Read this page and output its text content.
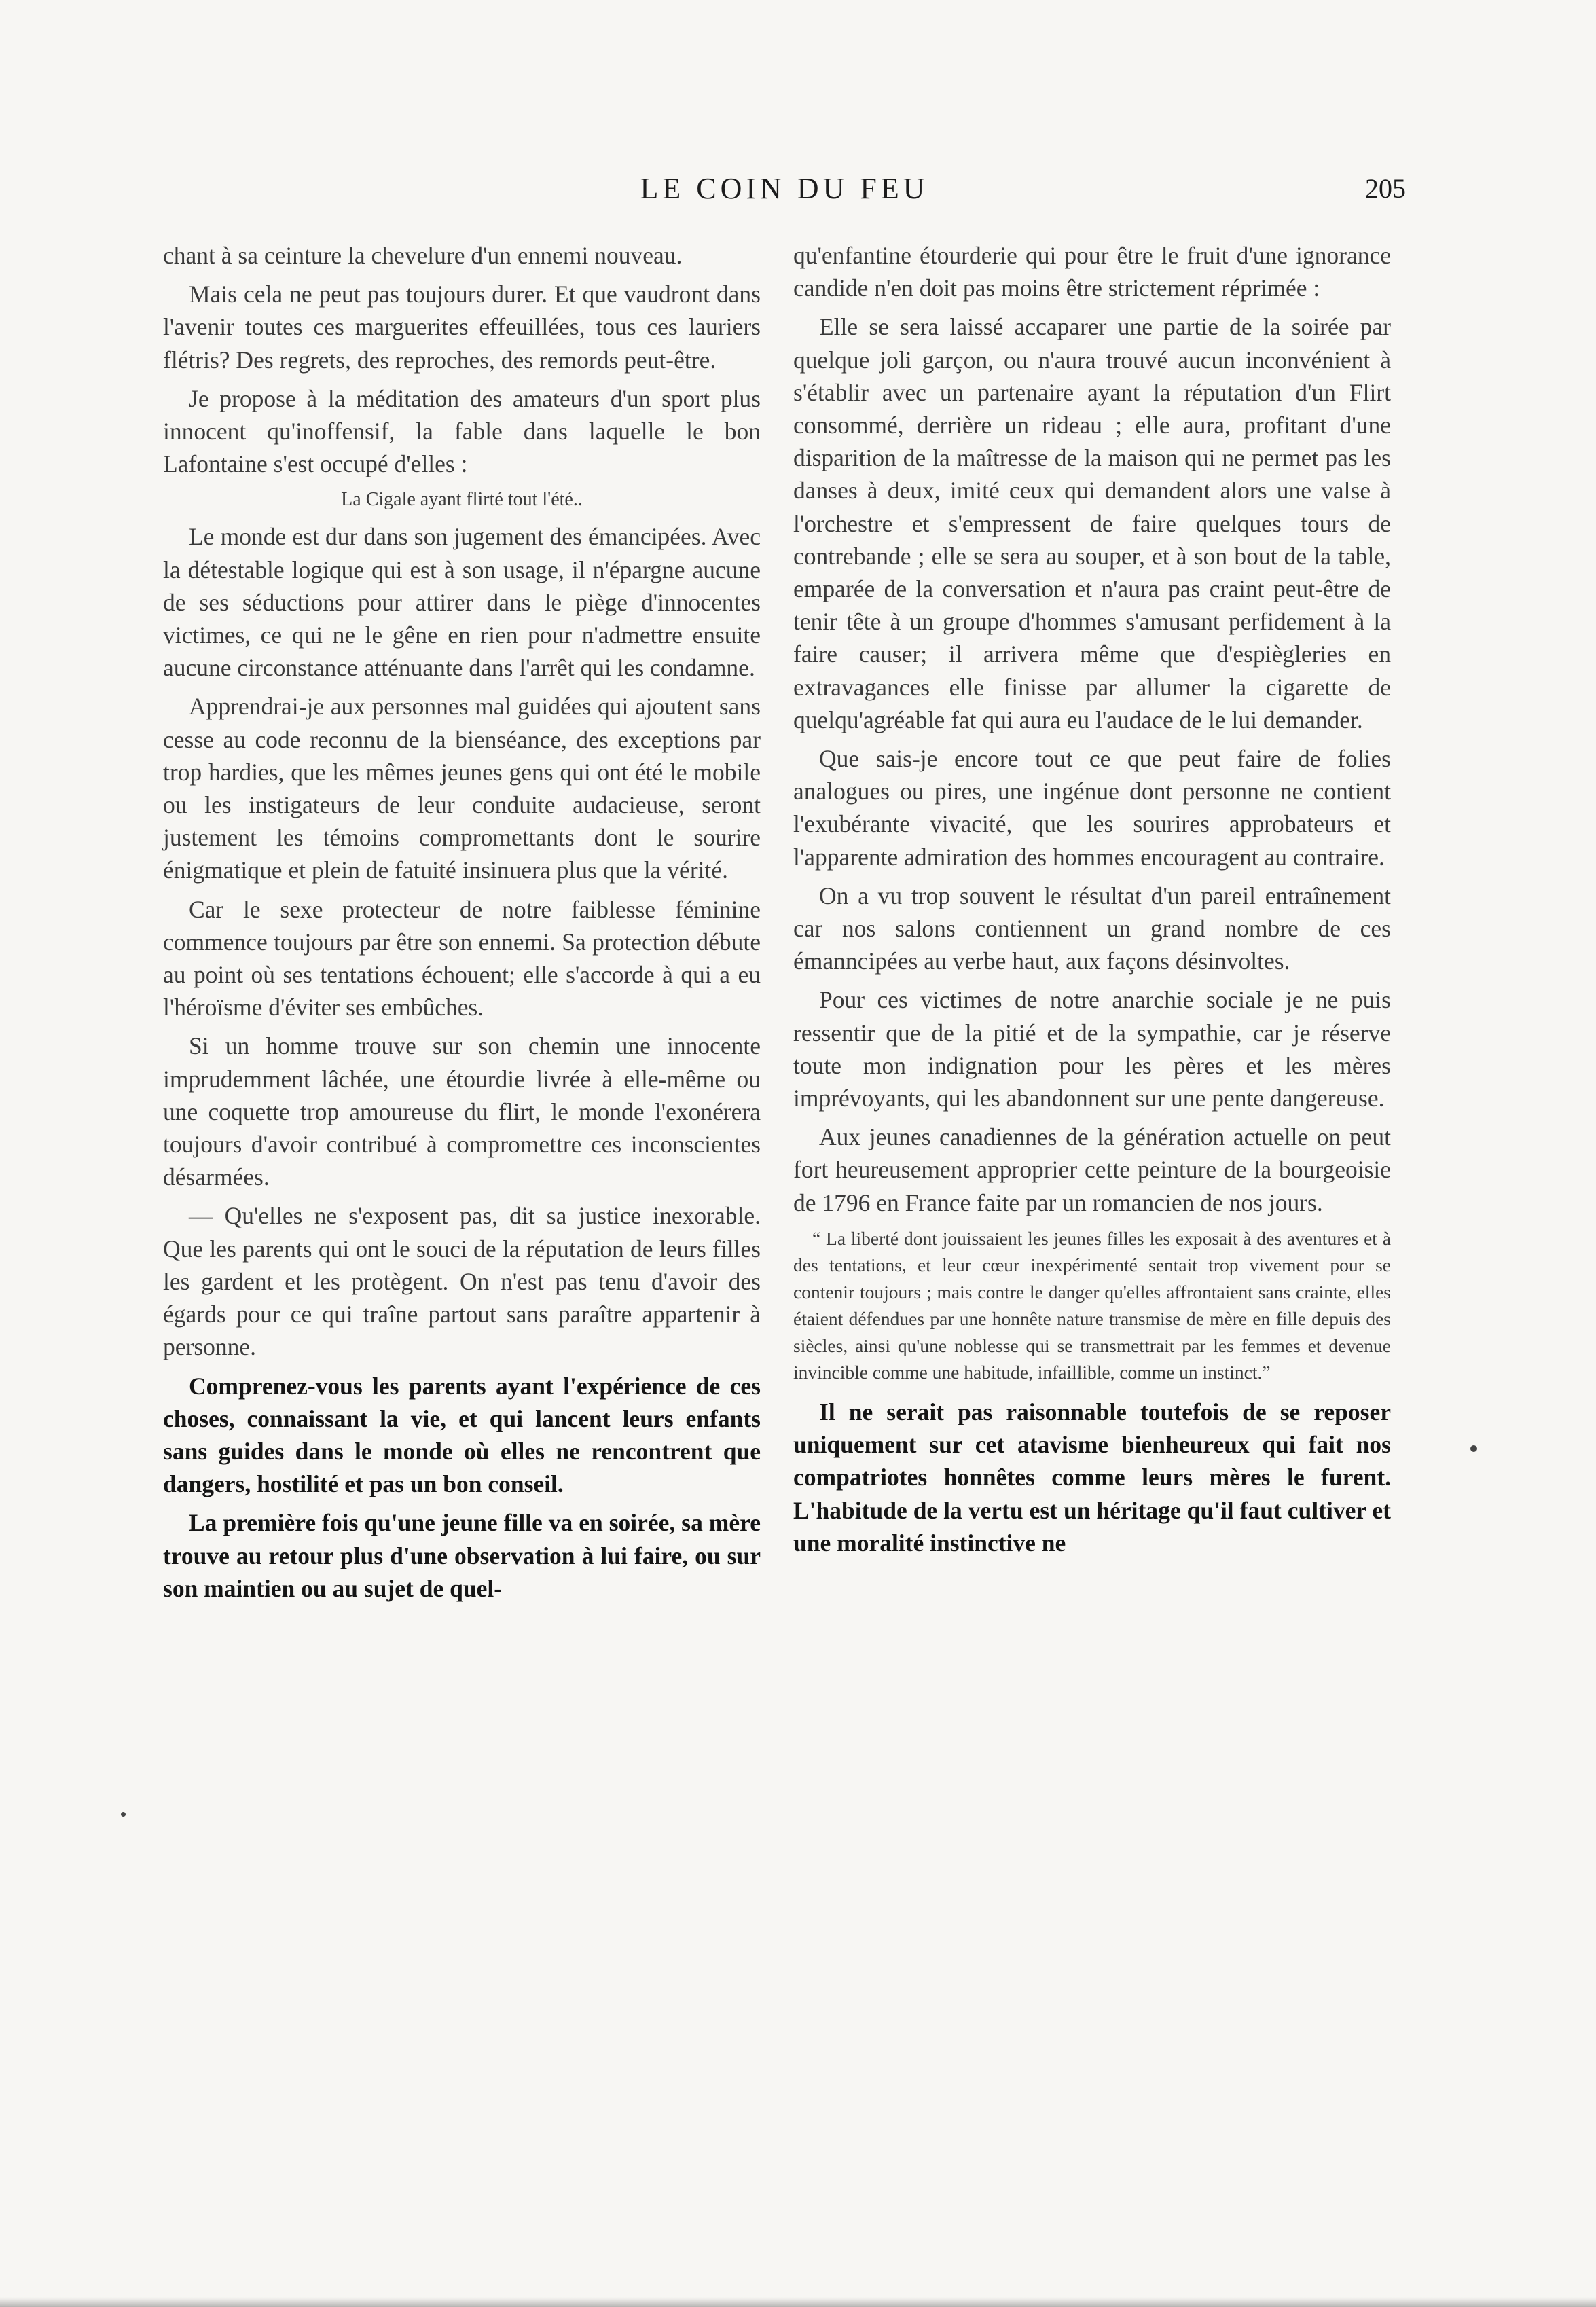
LE COIN DU FEU	205

chant à sa ceinture la chevelure d'un ennemi nouveau.

Mais cela ne peut pas toujours durer. Et que vaudront dans l'avenir toutes ces marguerites effeuillées, tous ces lauriers flétris? Des regrets, des reproches, des remords peut-être.

Je propose à la méditation des amateurs d'un sport plus innocent qu'inoffensif, la fable dans laquelle le bon Lafontaine s'est occupé d'elles :

La Cigale ayant flirté tout l'été..

Le monde est dur dans son jugement des émancipées. Avec la détestable logique qui est à son usage, il n'épargne aucune de ses séductions pour attirer dans le piège d'innocentes victimes, ce qui ne le gêne en rien pour n'admettre ensuite aucune circonstance atténuante dans l'arrêt qui les condamne.

Apprendrai-je aux personnes mal guidées qui ajoutent sans cesse au code reconnu de la bienséance, des exceptions par trop hardies, que les mêmes jeunes gens qui ont été le mobile ou les instigateurs de leur conduite audacieuse, seront justement les témoins compromettants dont le sourire énigmatique et plein de fatuité insinuera plus que la vérité.

Car le sexe protecteur de notre faiblesse féminine commence toujours par être son ennemi. Sa protection débute au point où ses tentations échouent; elle s'accorde à qui a eu l'héroïsme d'éviter ses embûches.

Si un homme trouve sur son chemin une innocente imprudemment lâchée, une étourdie livrée à elle-même ou une coquette trop amoureuse du flirt, le monde l'exonérera toujours d'avoir contribué à compromettre ces inconscientes désarmées.

— Qu'elles ne s'exposent pas, dit sa justice inexorable. Que les parents qui ont le souci de la réputation de leurs filles les gardent et les protègent. On n'est pas tenu d'avoir des égards pour ce qui traîne partout sans paraître appartenir à personne.

Comprenez-vous les parents ayant l'expérience de ces choses, connaissant la vie, et qui lancent leurs enfants sans guides dans le monde où elles ne rencontrent que dangers, hostilité et pas un bon conseil.

La première fois qu'une jeune fille va en soirée, sa mère trouve au retour plus d'une observation à lui faire, ou sur son maintien ou au sujet de quel-

qu'enfantine étourderie qui pour être le fruit d'une ignorance candide n'en doit pas moins être strictement réprimée :

Elle se sera laissé accaparer une partie de la soirée par quelque joli garçon, ou n'aura trouvé aucun inconvénient à s'établir avec un partenaire ayant la réputation d'un Flirt consommé, derrière un rideau ; elle aura, profitant d'une disparition de la maîtresse de la maison qui ne permet pas les danses à deux, imité ceux qui demandent alors une valse à l'orchestre et s'empressent de faire quelques tours de contrebande ; elle se sera au souper, et à son bout de la table, emparée de la conversation et n'aura pas craint peut-être de tenir tête à un groupe d'hommes s'amusant perfidement à la faire causer; il arrivera même que d'espiègleries en extravagances elle finisse par allumer la cigarette de quelqu'agréable fat qui aura eu l'audace de le lui demander.

Que sais-je encore tout ce que peut faire de folies analogues ou pires, une ingénue dont personne ne contient l'exubérante vivacité, que les sourires approbateurs et l'apparente admiration des hommes encouragent au contraire.

On a vu trop souvent le résultat d'un pareil entraînement car nos salons contiennent un grand nombre de ces émanncipées au verbe haut, aux façons désinvoltes.

Pour ces victimes de notre anarchie sociale je ne puis ressentir que de la pitié et de la sympathie, car je réserve toute mon indignation pour les pères et les mères imprévoyants, qui les abandonnent sur une pente dangereuse.

Aux jeunes canadiennes de la génération actuelle on peut fort heureusement approprier cette peinture de la bourgeoisie de 1796 en France faite par un romancien de nos jours.

“ La liberté dont jouissaient les jeunes filles les exposait à des aventures et à des tentations, et leur cœur inexpérimenté sentait trop vivement pour se contenir toujours ; mais contre le danger qu'elles affrontaient sans crainte, elles étaient défendues par une honnête nature transmise de mère en fille depuis des siècles, ainsi qu'une noblesse qui se transmettrait par les femmes et devenue invincible comme une habitude, infaillible, comme un instinct.”

Il ne serait pas raisonnable toutefois de se reposer uniquement sur cet atavisme bienheureux qui fait nos compatriotes honnêtes comme leurs mères le furent. L'habitude de la vertu est un héritage qu'il faut cultiver et une moralité instinctive ne
